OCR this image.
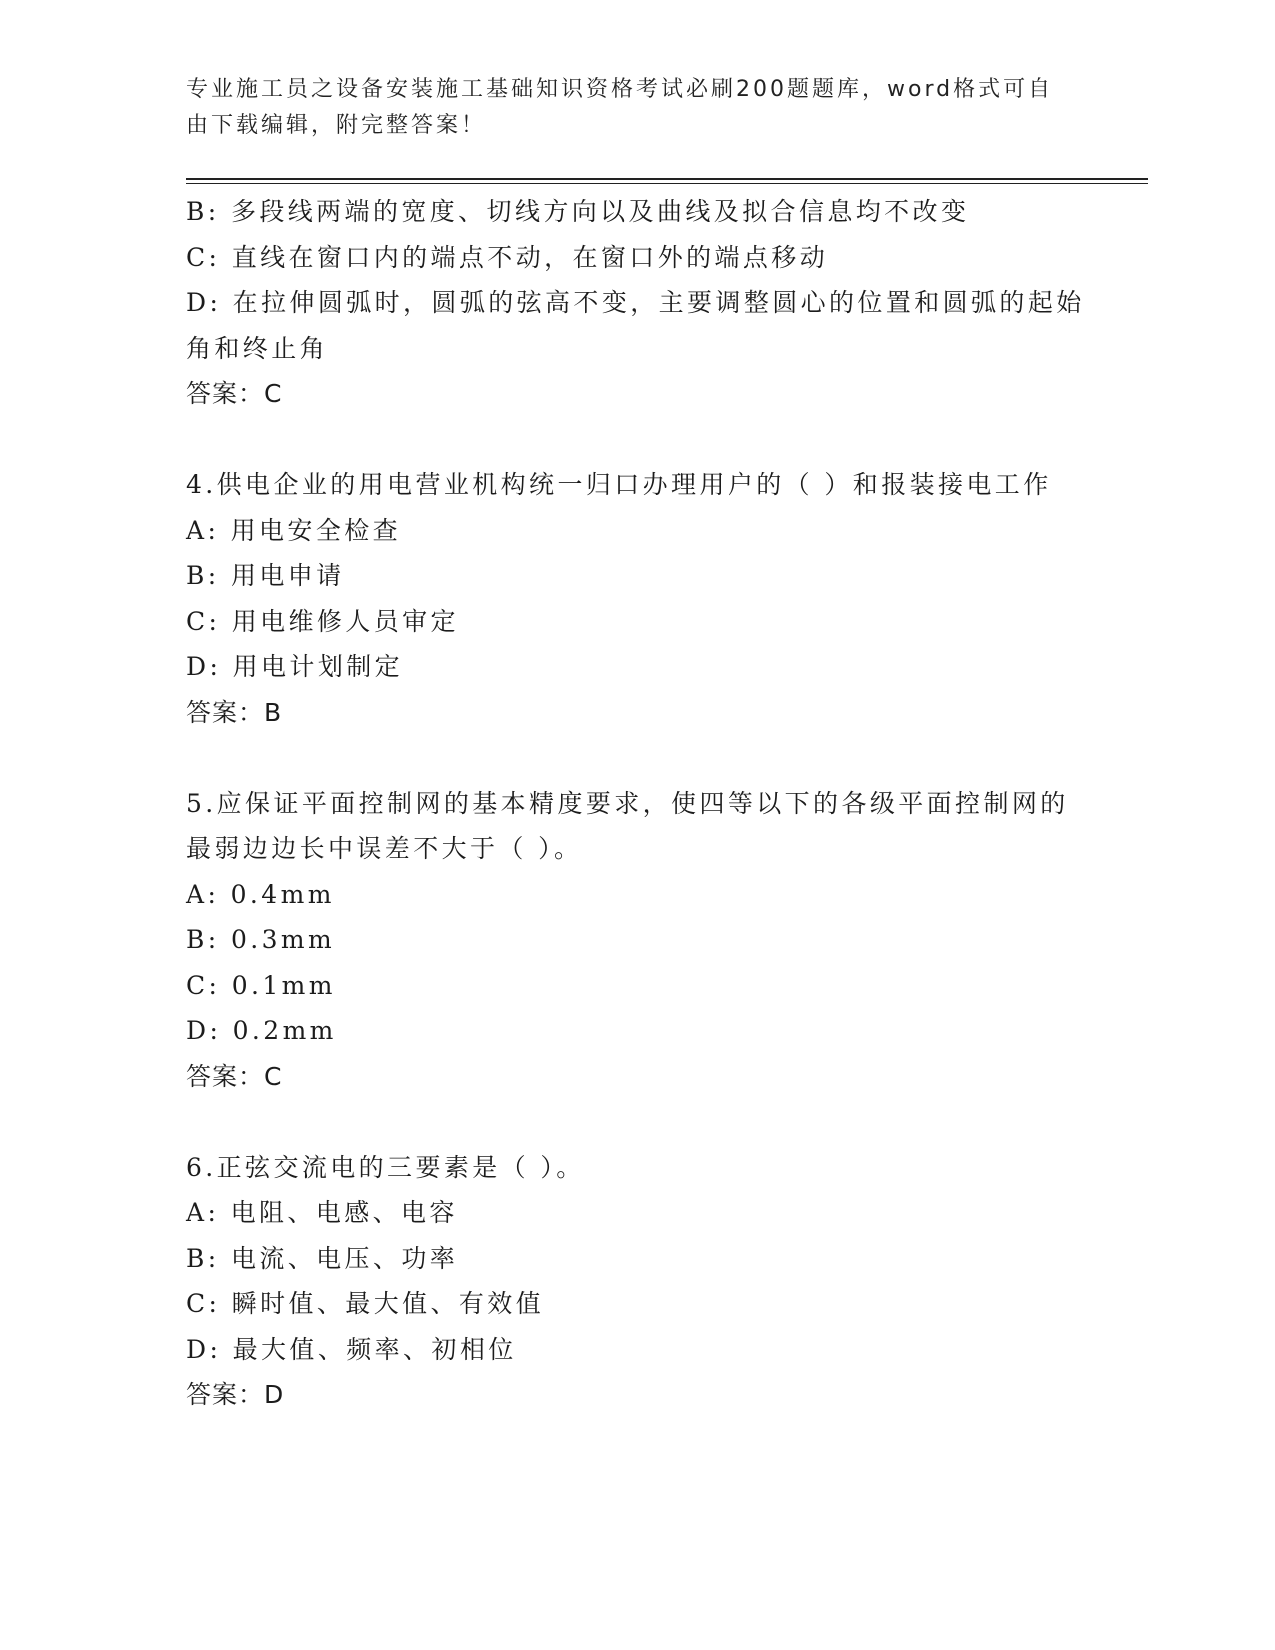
专业施工员之设备安装施工基础知识资格考试必刷200题题库，word格式可自由下载编辑，附完整答案！
B: 多段线两端的宽度、切线方向以及曲线及拟合信息均不改变
C: 直线在窗口内的端点不动，在窗口外的端点移动
D: 在拉伸圆弧时，圆弧的弦高不变，主要调整圆心的位置和圆弧的起始角和终止角
答案：C
4.供电企业的用电营业机构统一归口办理用户的（ ）和报装接电工作
A: 用电安全检查
B: 用电申请
C: 用电维修人员审定
D: 用电计划制定
答案：B
5.应保证平面控制网的基本精度要求，使四等以下的各级平面控制网的最弱边边长中误差不大于（ ）。
A: 0.4mm
B: 0.3mm
C: 0.1mm
D: 0.2mm
答案：C
6.正弦交流电的三要素是（ ）。
A: 电阻、电感、电容
B: 电流、电压、功率
C: 瞬时值、最大值、有效值
D: 最大值、频率、初相位
答案：D
